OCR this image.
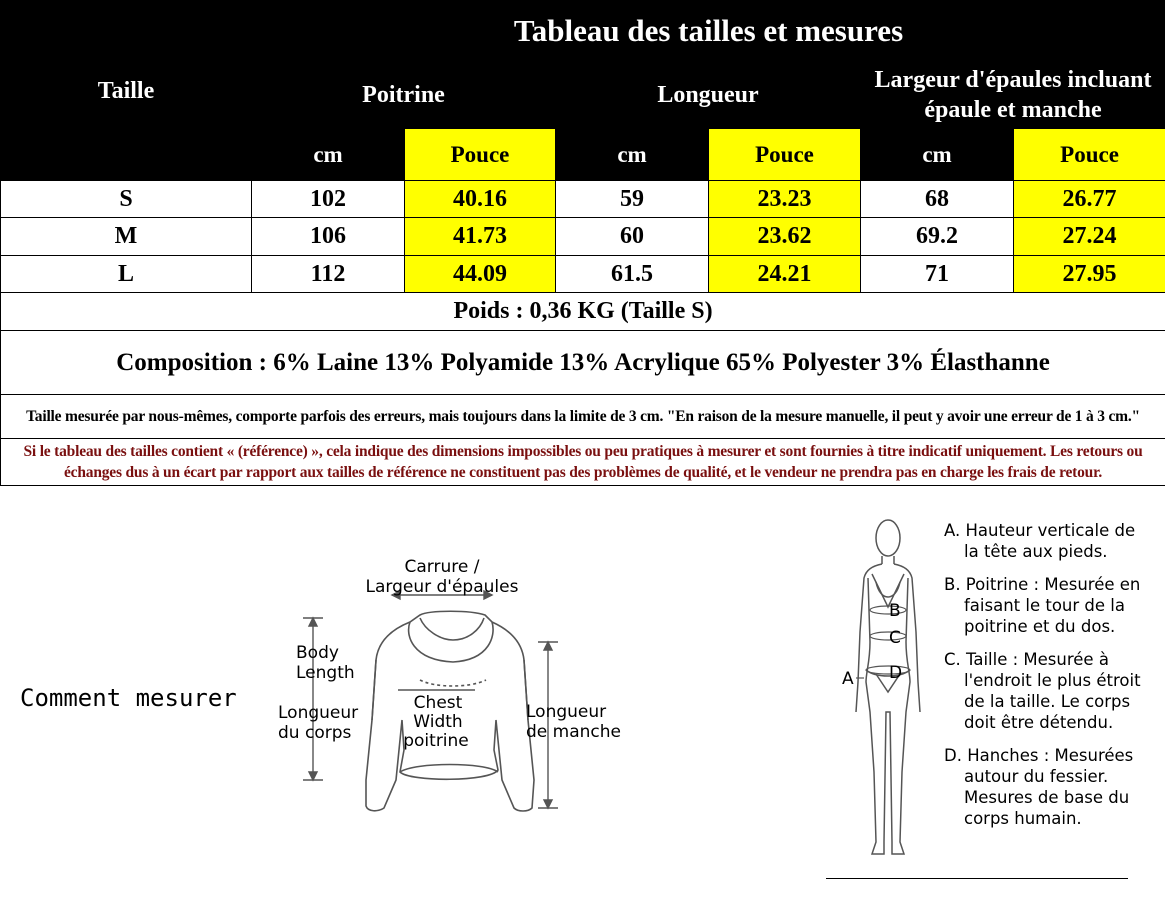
Taille	Tableau des tailles et mesures					
	Poitrine		Longueur		Largeur d'épaules incluant épaule et manche	
	cm	Pouce	cm	Pouce	cm	Pouce
S	102	40.16	59	23.23	68	26.77
M	106	41.73	60	23.62	69.2	27.24
L	112	44.09	61.5	24.21	71	27.95
Poids : 0,36 KG (Taille S)						
Composition : 6% Laine 13% Polyamide 13% Acrylique 65% Polyester 3% Élasthanne						
Taille mesurée par nous-mêmes, comporte parfois des erreurs, mais toujours dans la limite de 3 cm. "En raison de la mesure manuelle, il peut y avoir une erreur de 1 à 3 cm."						
Si le tableau des tailles contient « (référence) », cela indique des dimensions impossibles ou peu pratiques à mesurer et sont fournies à titre indicatif uniquement. Les retours ou échanges dus à un écart par rapport aux tailles de référence ne constituent pas des problèmes de qualité, et le vendeur ne prendra pas en charge les frais de retour.						
Comment mesurer
Carrure /
Largeur d'épaules
Body
Length
Longueur
du corps
Chest
Width
poitrine
Longueur
de manche
A
B
C
D

A. Hauteur verticale de la tête aux pieds.

B. Poitrine : Mesurée en faisant le tour de la poitrine et du dos.

C. Taille : Mesurée à l'endroit le plus étroit de la taille. Le corps doit être détendu.

D. Hanches : Mesurées autour du fessier. Mesures de base du corps humain.
